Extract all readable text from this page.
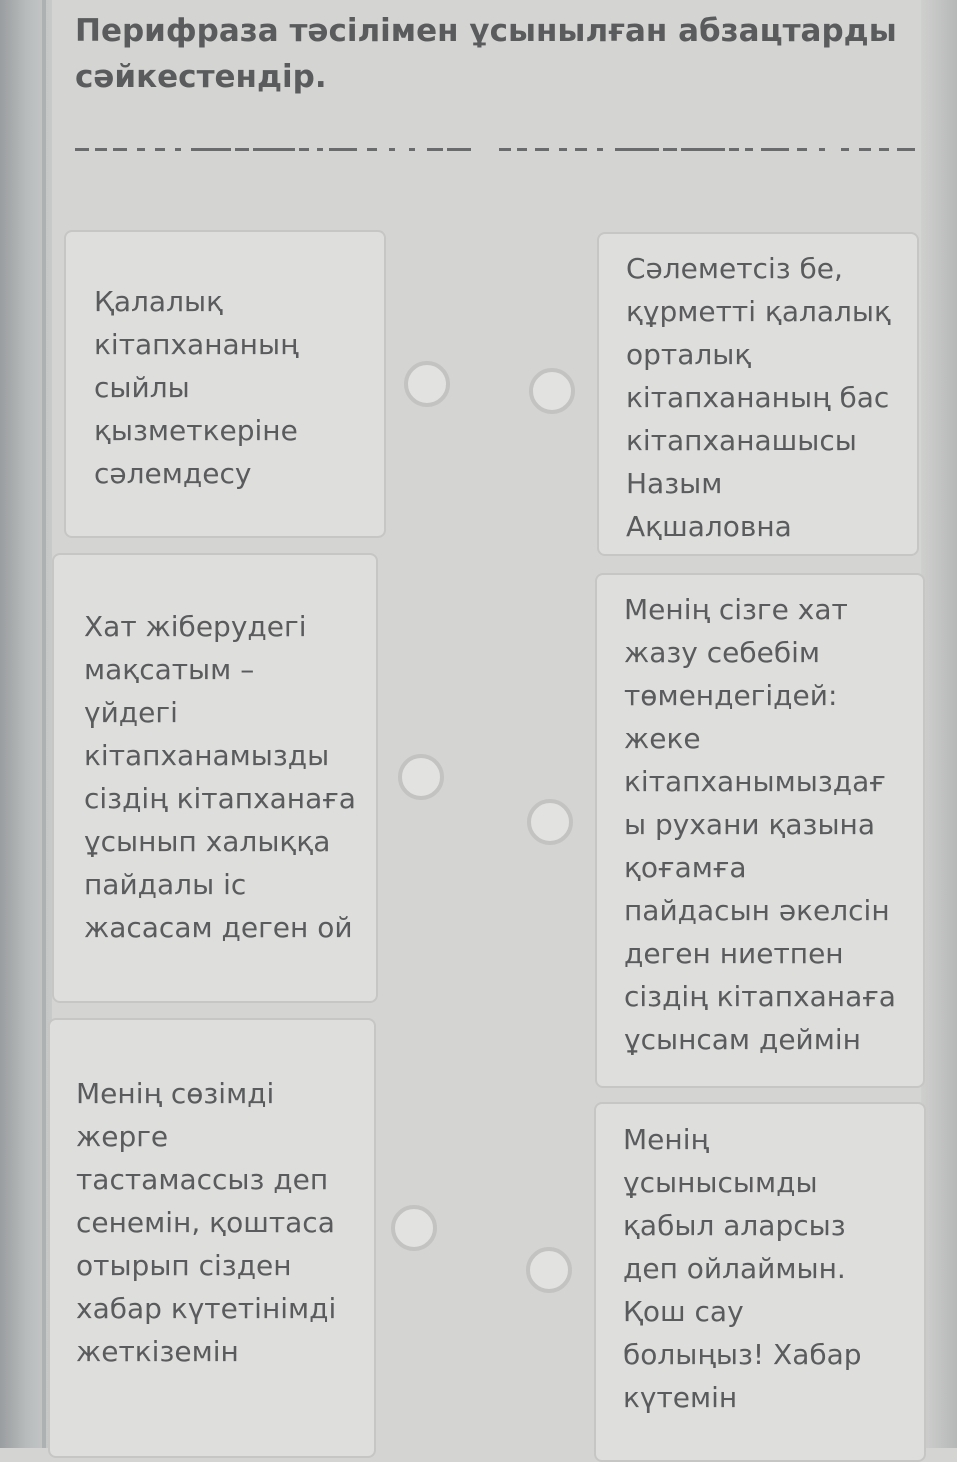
Перифраза тәсілімен ұсынылған абзацтарды сәйкестендір.

Қалалық
кітапхананың
сыйлы
қызметкеріне
сәлемдесу

Хат жіберудегі
мақсатым –
үйдегі
кітапханамызды
сіздің кітапханаға
ұсынып халыққа
пайдалы іс
жасасам деген ой

Менің сөзімді
жерге
тастамассыз деп
сенемін, қоштаса
отырып сізден
хабар күтетінімді
жеткіземін

Сәлеметсіз бе,
құрметті қалалық
орталық
кітапхананың бас
кітапханашысы
Назым
Ақшаловна

Менің сізге хат
жазу себебім
төмендегідей:
жеке
кітапханымыздағ
ы рухани қазына
қоғамға
пайдасын әкелсін
деген ниетпен
сіздің кітапханаға
ұсынсам деймін

Менің
ұсынысымды
қабыл аларсыз
деп ойлаймын.
Қош сау
болыңыз! Хабар
күтемін
